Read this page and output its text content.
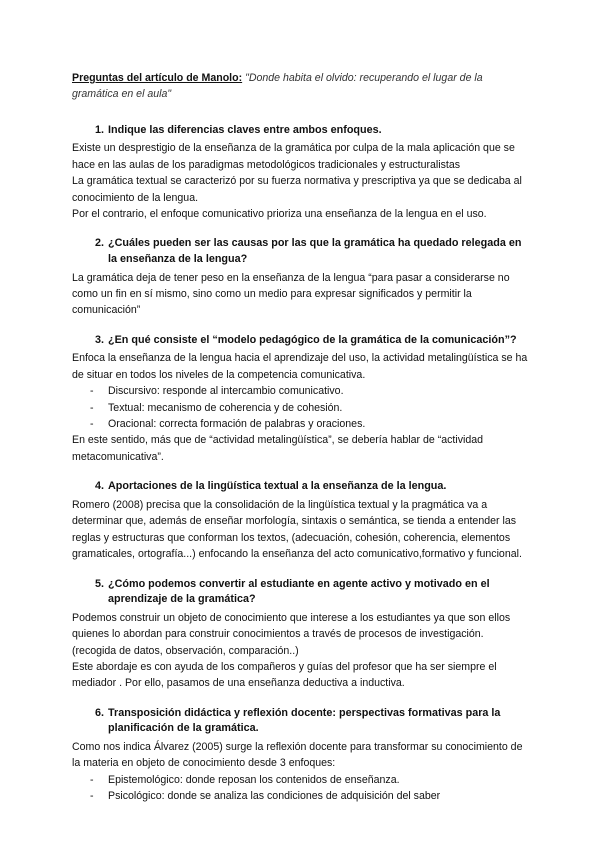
Preguntas del artículo de Manolo: "Donde habita el olvido: recuperando el lugar de la gramática en el aula"

1. Indique las diferencias claves entre ambos enfoques.

Existe un desprestigio de la enseñanza de la gramática por culpa de la mala aplicación que se hace en las aulas de los paradigmas metodológicos tradicionales y estructuralistas

La gramática textual se caracterizó por su fuerza normativa y prescriptiva ya que se dedicaba al conocimiento de la lengua.

Por el contrario, el enfoque comunicativo prioriza una enseñanza de la lengua en el uso.

2. ¿Cuáles pueden ser las causas por las que la gramática ha quedado relegada en la enseñanza de la lengua?

La gramática deja de tener peso en la enseñanza de la lengua “para pasar a considerarse no como un fin en sí mismo, sino como un medio para expresar significados y permitir la comunicación”

3. ¿En qué consiste el “modelo pedagógico de la gramática de la comunicación”?

Enfoca la enseñanza de la lengua hacia el aprendizaje del uso, la actividad metalingüística se ha de situar en todos los niveles de la competencia comunicativa.

-	Discursivo: responde al intercambio comunicativo.
-	Textual: mecanismo de coherencia y de cohesión.
-	Oracional: correcta formación de palabras y oraciones.

En este sentido, más que de “actividad metalingüística”, se debería hablar de “actividad metacomunicativa”.

4. Aportaciones de la lingüística textual a la enseñanza de la lengua.

Romero (2008) precisa que la consolidación de la lingüística textual y la pragmática va a determinar que, además de enseñar morfología, sintaxis o semántica, se tienda a entender las reglas y estructuras que conforman los textos, (adecuación, cohesión, coherencia, elementos gramaticales, ortografía...) enfocando la enseñanza del acto comunicativo,formativo y funcional.

5. ¿Cómo podemos convertir al estudiante en agente activo y motivado en el aprendizaje de la gramática?

Podemos construir un objeto de conocimiento que interese a los estudiantes ya que son ellos quienes lo abordan para construir conocimientos a través de procesos de investigación. (recogida de datos, observación, comparación..)

Este abordaje es con ayuda de los compañeros y guías del profesor que ha ser siempre el mediador . Por ello, pasamos de una enseñanza deductiva a inductiva.

6. Transposición didáctica y reflexión docente: perspectivas formativas para la planificación de la gramática.

Como nos indica Álvarez (2005) surge la reflexión docente para transformar su conocimiento de la materia en objeto de conocimiento desde 3 enfoques:

-	Epistemológico: donde reposan los contenidos de enseñanza.
-	Psicológico: donde se analiza las condiciones de adquisición del saber
